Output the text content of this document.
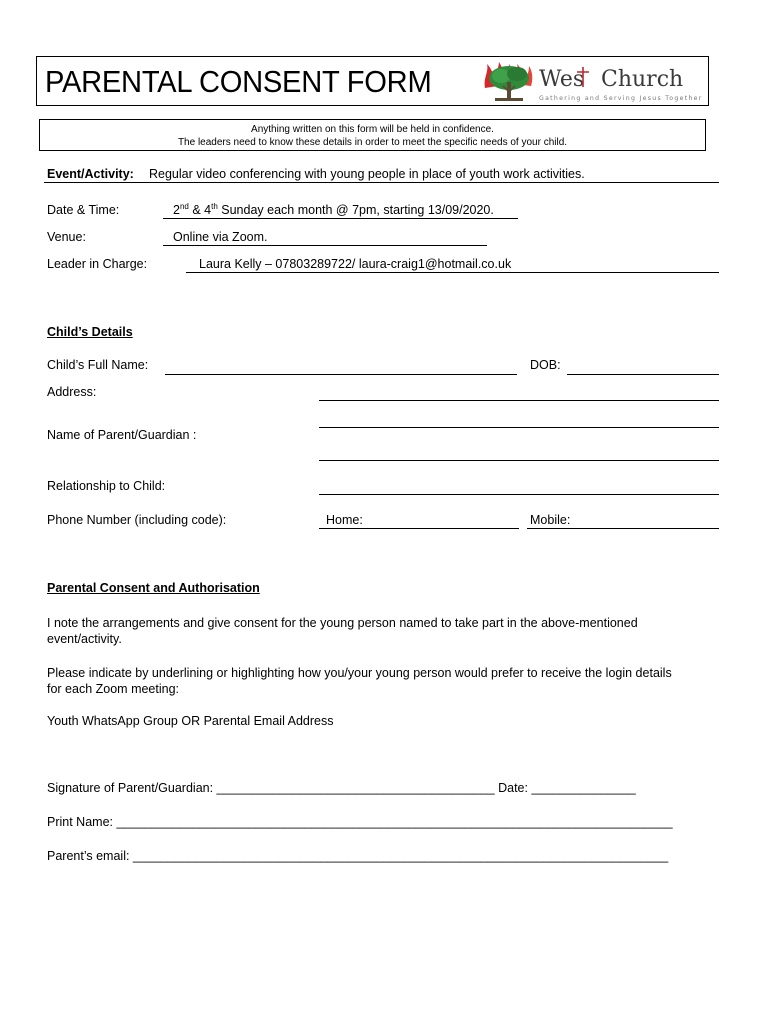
PARENTAL CONSENT FORM	Wes Church
Gathering and Serving Jesus Together
Anything written on this form will be held in confidence.
The leaders need to know these details in order to meet the specific needs of your child.
Event/Activity: Regular video conferencing with young people in place of youth work activities.
Date & Time:	2nd & 4th Sunday each month @ 7pm, starting 13/09/2020.
Venue:	Online via Zoom.
Leader in Charge:	Laura Kelly – 07803289722/ laura-craig1@hotmail.co.uk
Child’s Details
Child’s Full Name:	DOB:
Address:
Name of Parent/Guardian :
Relationship to Child:
Phone Number (including code):	Home:	Mobile:
Parental Consent and Authorisation
I note the arrangements and give consent for the young person named to take part in the above-mentioned
event/activity.
Please indicate by underlining or highlighting how you/your young person would prefer to receive the login details
for each Zoom meeting:
Youth WhatsApp Group OR Parental Email Address
Signature of Parent/Guardian: ________________________________________ Date: _______________
Print Name: ________________________________________________________________________________
Parent’s email: _____________________________________________________________________________
